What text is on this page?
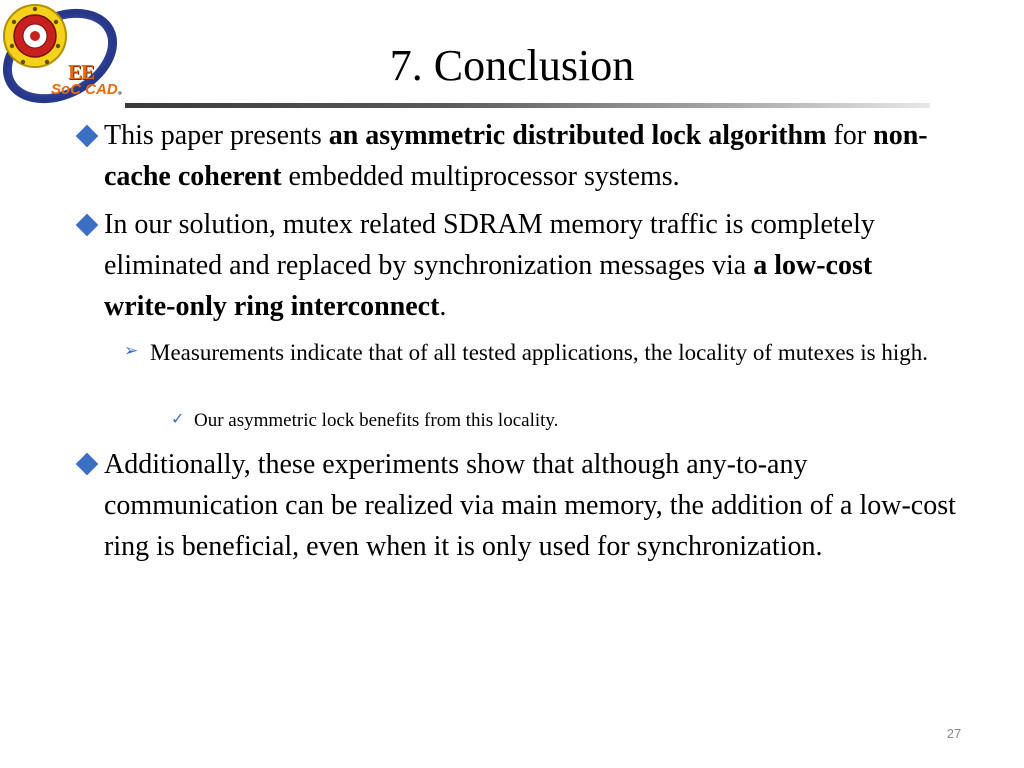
EE
SoC CAD	7. Conclusion

This paper presents an asymmetric distributed lock algorithm for non-cache coherent embedded multiprocessor systems.

In our solution, mutex related SDRAM memory traffic is completely eliminated and replaced by synchronization messages via a low-cost write-only ring interconnect.

➢ Measurements indicate that of all tested applications, the locality of mutexes is high.

✓ Our asymmetric lock benefits from this locality.

Additionally, these experiments show that although any-to-any communication can be realized via main memory, the addition of a low-cost ring is beneficial, even when it is only used for synchronization.

27
